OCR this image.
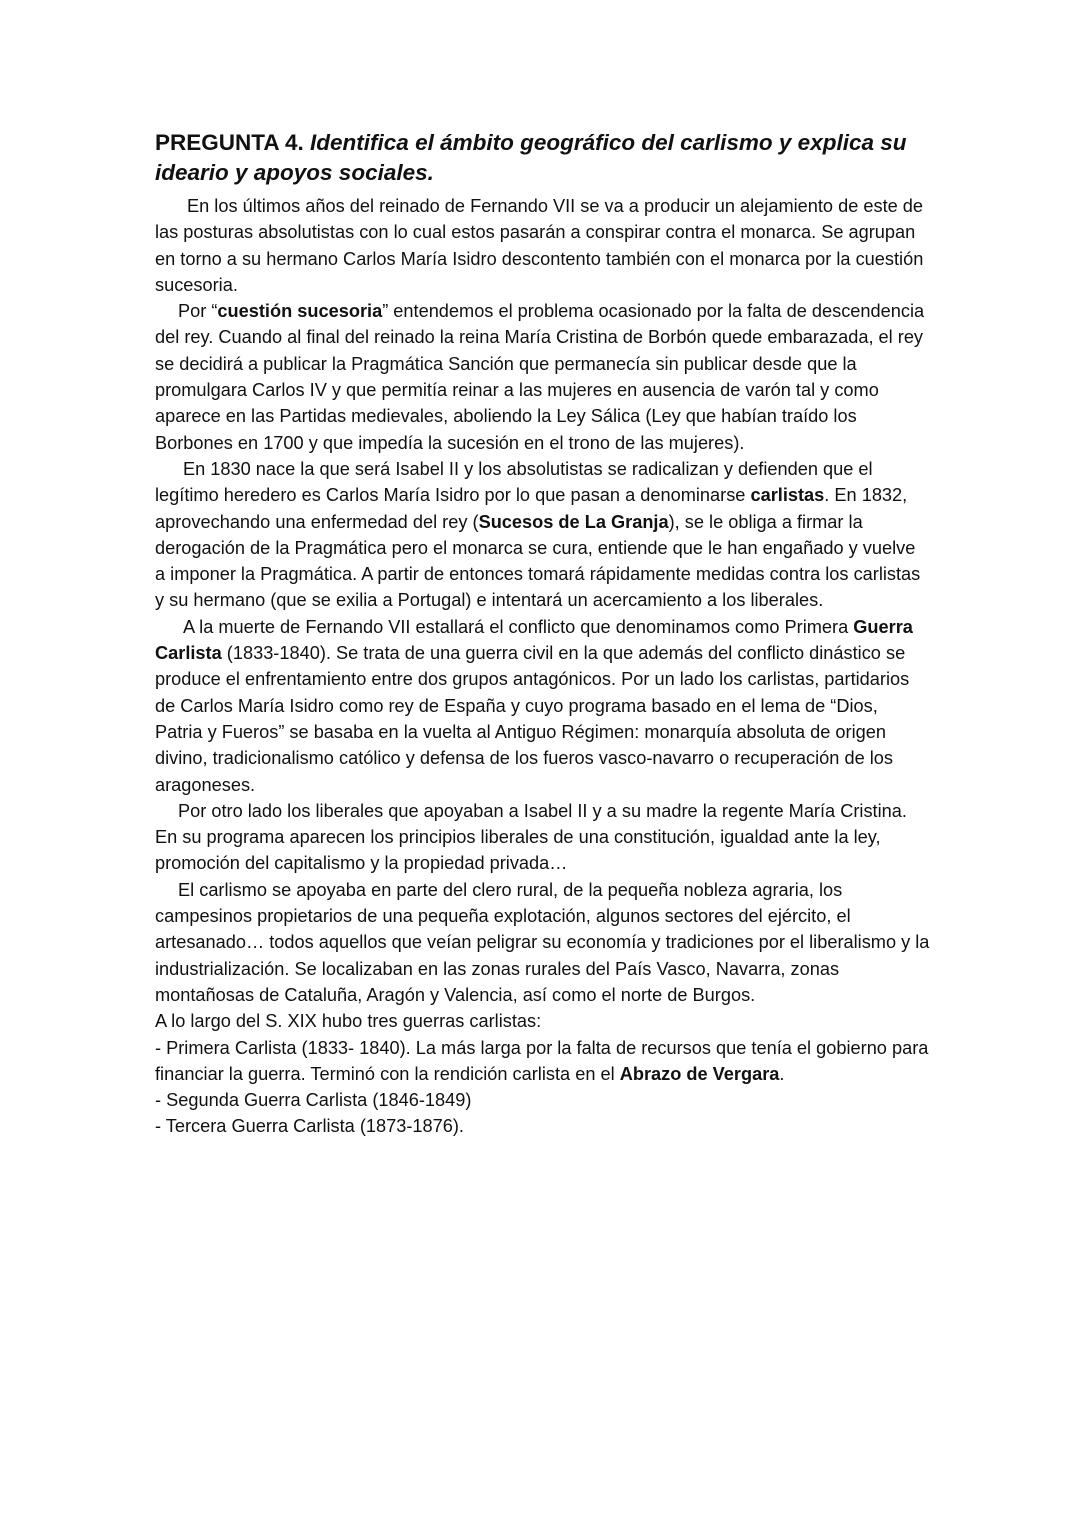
PREGUNTA 4. Identifica el ámbito geográfico del carlismo y explica su ideario y apoyos sociales.

En los últimos años del reinado de Fernando VII se va a producir un alejamiento de este de las posturas absolutistas con lo cual estos pasarán a conspirar contra el monarca. Se agrupan en torno a su hermano Carlos María Isidro descontento también con el monarca por la cuestión sucesoria.

Por “cuestión sucesoria” entendemos el problema ocasionado por la falta de descendencia del rey. Cuando al final del reinado la reina María Cristina de Borbón quede embarazada, el rey se decidirá a publicar la Pragmática Sanción que permanecía sin publicar desde que la promulgara Carlos IV y que permitía reinar a las mujeres en ausencia de varón tal y como aparece en las Partidas medievales, aboliendo la Ley Sálica (Ley que habían traído los Borbones en 1700 y que impedía la sucesión en el trono de las mujeres).

En 1830 nace la que será Isabel II y los absolutistas se radicalizan y defienden que el legítimo heredero es Carlos María Isidro por lo que pasan a denominarse carlistas. En 1832, aprovechando una enfermedad del rey (Sucesos de La Granja), se le obliga a firmar la derogación de la Pragmática pero el monarca se cura, entiende que le han engañado y vuelve a imponer la Pragmática. A partir de entonces tomará rápidamente medidas contra los carlistas y su hermano (que se exilia a Portugal) e intentará un acercamiento a los liberales.

A la muerte de Fernando VII estallará el conflicto que denominamos como Primera Guerra Carlista (1833-1840). Se trata de una guerra civil en la que además del conflicto dinástico se produce el enfrentamiento entre dos grupos antagónicos. Por un lado los carlistas, partidarios de Carlos María Isidro como rey de España y cuyo programa basado en el lema de “Dios, Patria y Fueros” se basaba en la vuelta al Antiguo Régimen: monarquía absoluta de origen divino, tradicionalismo católico y defensa de los fueros vasco-navarro o recuperación de los aragoneses.

Por otro lado los liberales que apoyaban a Isabel II y a su madre la regente María Cristina. En su programa aparecen los principios liberales de una constitución, igualdad ante la ley, promoción del capitalismo y la propiedad privada…

El carlismo se apoyaba en parte del clero rural, de la pequeña nobleza agraria, los campesinos propietarios de una pequeña explotación, algunos sectores del ejército, el artesanado… todos aquellos que veían peligrar su economía y tradiciones por el liberalismo y la industrialización. Se localizaban en las zonas rurales del País Vasco, Navarra, zonas montañosas de Cataluña, Aragón y Valencia, así como el norte de Burgos.

A lo largo del S. XIX hubo tres guerras carlistas:

- Primera Carlista (1833- 1840). La más larga por la falta de recursos que tenía el gobierno para financiar la guerra. Terminó con la rendición carlista en el Abrazo de Vergara.

- Segunda Guerra Carlista (1846-1849)

- Tercera Guerra Carlista (1873-1876).
